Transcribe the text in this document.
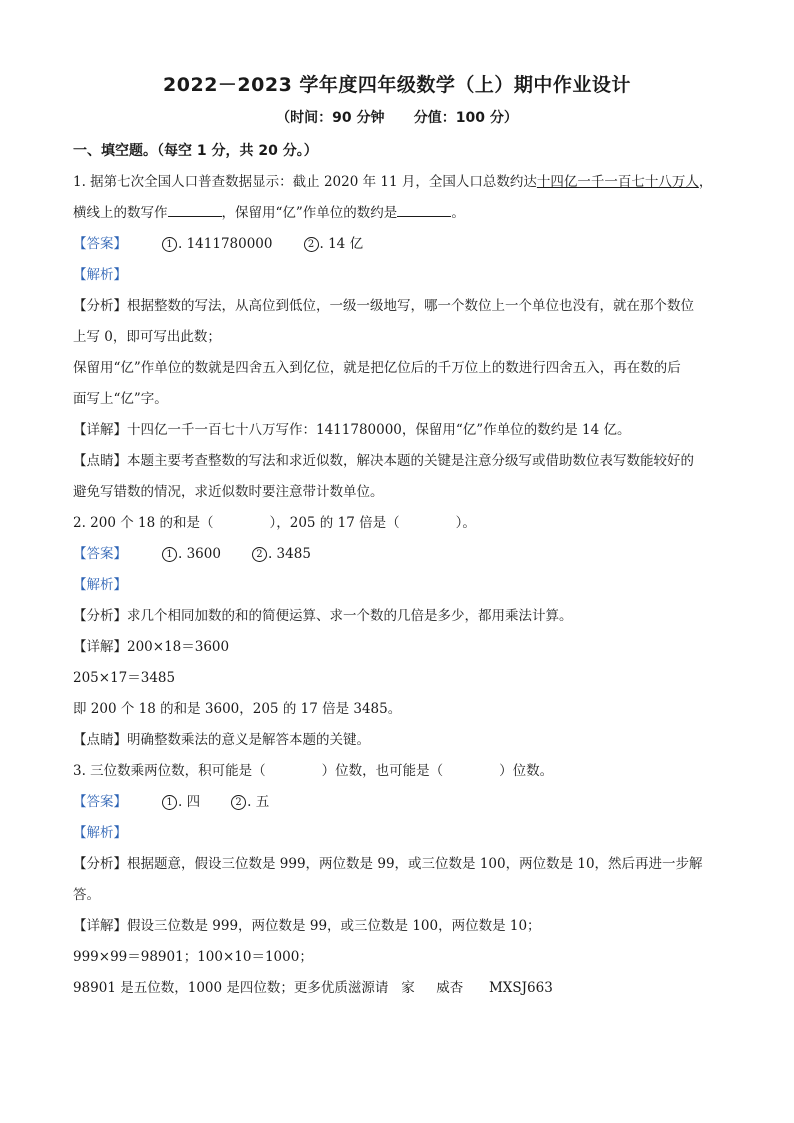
2022－2023 学年度四年级数学（上）期中作业设计
（时间：90 分钟      分值：100 分）
一、填空题。（每空 1 分，共 20 分。）
1. 据第七次全国人口普查数据显示：截止 2020 年 11 月，全国人口总数约达十四亿一千一百七十八万人，
横线上的数写作	，保留用“亿”作单位的数约是	。
【答案】	1 . 1411780000	2 . 14 亿
【解析】
【分析】根据整数的写法，从高位到低位，一级一级地写，哪一个数位上一个单位也没有，就在那个数位
上写 0，即可写出此数；
保留用“亿”作单位的数就是四舍五入到亿位，就是把亿位后的千万位上的数进行四舍五入，再在数的后
面写上“亿”字。
【详解】十四亿一千一百七十八万写作：1411780000，保留用“亿”作单位的数约是 14 亿。
【点睛】本题主要考查整数的写法和求近似数，解决本题的关键是注意分级写或借助数位表写数能较好的
避免写错数的情况，求近似数时要注意带计数单位。
2. 200 个 18 的和是（	），205 的 17 倍是（	）。
【答案】	1 . 3600	2 . 3485
【解析】
【分析】求几个相同加数的和的简便运算、求一个数的几倍是多少，都用乘法计算。
【详解】200×18＝3600
205×17＝3485
即 200 个 18 的和是 3600，205 的 17 倍是 3485。
【点睛】明确整数乘法的意义是解答本题的关键。
3. 三位数乘两位数，积可能是（	）位数，也可能是（	）位数。
【答案】	1 . 四	2 . 五
【解析】
【分析】根据题意，假设三位数是 999，两位数是 99，或三位数是 100，两位数是 10，然后再进一步解
答。
【详解】假设三位数是 999，两位数是 99，或三位数是 100，两位数是 10；
999×99＝98901；100×10＝1000；
98901 是五位数，1000 是四位数；更多优质滋源请   家     威杏      MXSJ663
